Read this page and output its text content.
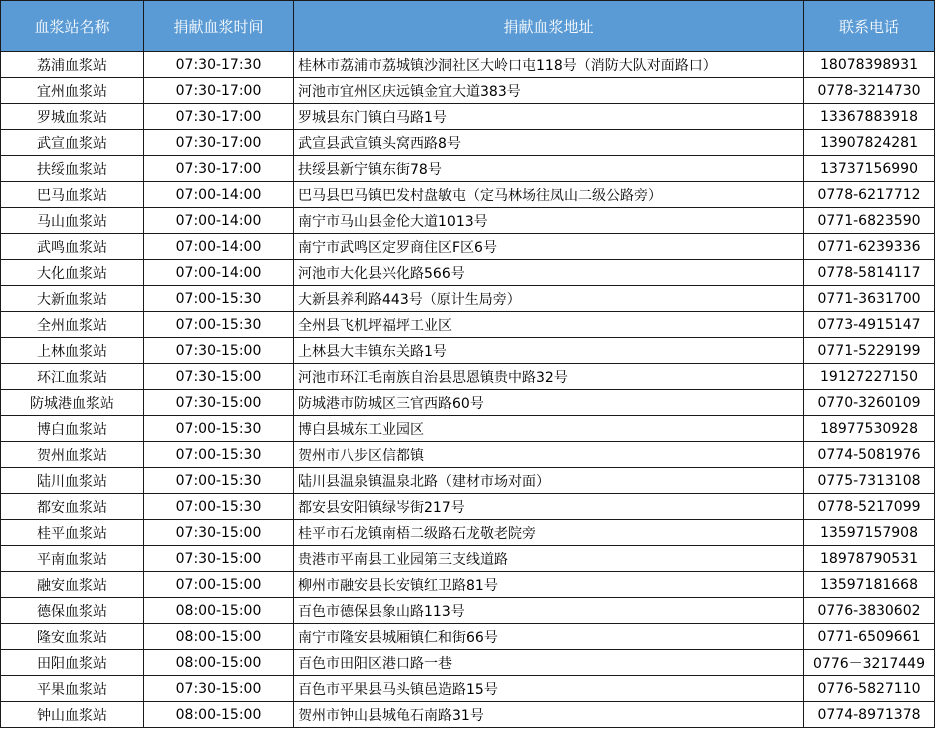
血浆站名称	捐献血浆时间	捐献血浆地址	联系电话
荔浦血浆站	07:30-17:30	桂林市荔浦市荔城镇沙洞社区大岭口屯118号（消防大队对面路口）	18078398931
宜州血浆站	07:30-17:00	河池市宜州区庆远镇金宜大道383号	0778-3214730
罗城血浆站	07:30-17:00	罗城县东门镇白马路1号	13367883918
武宣血浆站	07:30-17:00	武宣县武宣镇头窝西路8号	13907824281
扶绥血浆站	07:30-17:00	扶绥县新宁镇东街78号	13737156990
巴马血浆站	07:00-14:00	巴马县巴马镇巴发村盘敏屯（定马林场往凤山二级公路旁）	0778-6217712
马山血浆站	07:00-14:00	南宁市马山县金伦大道1013号	0771-6823590
武鸣血浆站	07:00-14:00	南宁市武鸣区定罗商住区F区6号	0771-6239336
大化血浆站	07:00-14:00	河池市大化县兴化路566号	0778-5814117
大新血浆站	07:00-15:30	大新县养利路443号（原计生局旁）	0771-3631700
全州血浆站	07:00-15:30	全州县飞机坪福坪工业区	0773-4915147
上林血浆站	07:30-15:00	上林县大丰镇东关路1号	0771-5229199
环江血浆站	07:30-15:00	河池市环江毛南族自治县思恩镇贵中路32号	19127227150
防城港血浆站	07:30-15:00	防城港市防城区三官西路60号	0770-3260109
博白血浆站	07:00-15:30	博白县城东工业园区	18977530928
贺州血浆站	07:00-15:30	贺州市八步区信都镇	0774-5081976
陆川血浆站	07:00-15:30	陆川县温泉镇温泉北路（建材市场对面）	0775-7313108
都安血浆站	07:00-15:30	都安县安阳镇绿岑街217号	0778-5217099
桂平血浆站	07:30-15:00	桂平市石龙镇南梧二级路石龙敬老院旁	13597157908
平南血浆站	07:30-15:00	贵港市平南县工业园第三支线道路	18978790531
融安血浆站	07:00-15:00	柳州市融安县长安镇红卫路81号	13597181668
德保血浆站	08:00-15:00	百色市德保县象山路113号	0776-3830602
隆安血浆站	08:00-15:00	南宁市隆安县城厢镇仁和街66号	0771-6509661
田阳血浆站	08:00-15:00	百色市田阳区港口路一巷	0776－3217449
平果血浆站	07:30-15:00	百色市平果县马头镇邑造路15号	0776-5827110
钟山血浆站	08:00-15:00	贺州市钟山县城龟石南路31号	0774-8971378
